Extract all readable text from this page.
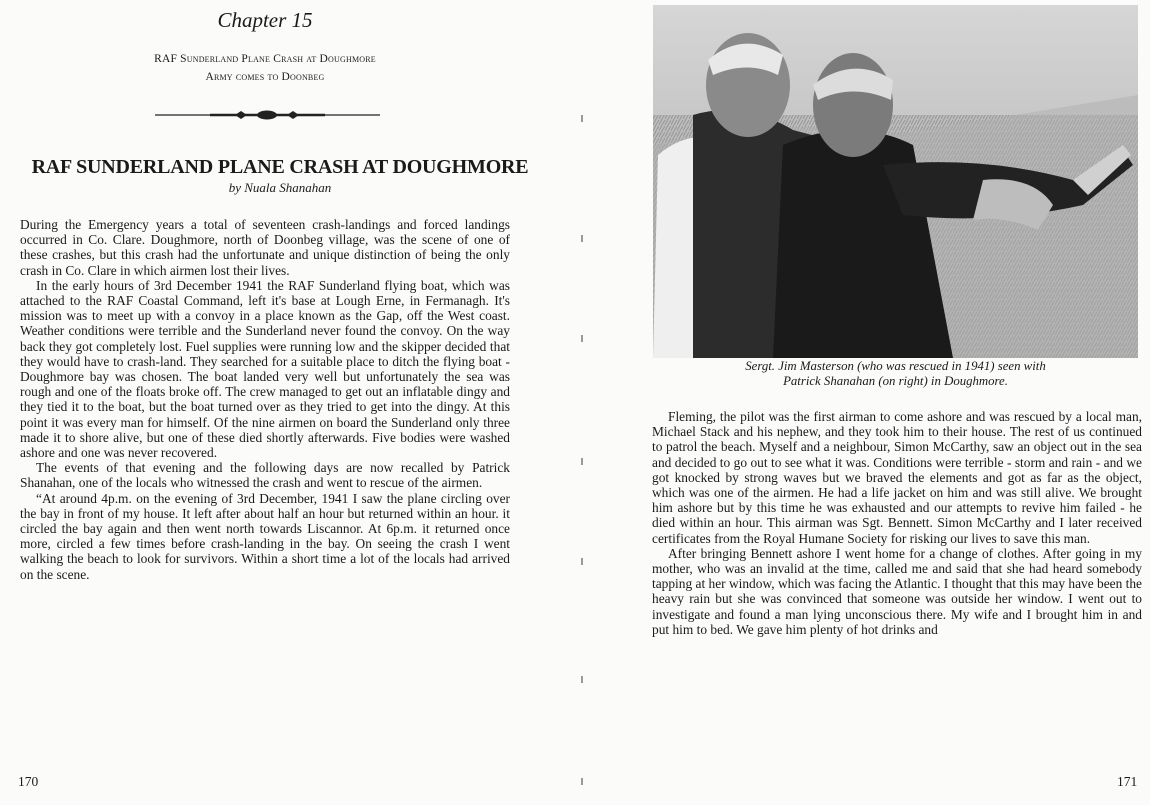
Chapter 15
RAF Sunderland Plane Crash at Doughmore
Army comes to Doonbeg
RAF SUNDERLAND PLANE CRASH AT DOUGHMORE
by Nuala Shanahan

During the Emergency years a total of seventeen crash-landings and forced landings occurred in Co. Clare. Doughmore, north of Doonbeg village, was the scene of one of these crashes, but this crash had the unfortunate and unique distinction of being the only crash in Co. Clare in which airmen lost their lives.

In the early hours of 3rd December 1941 the RAF Sunderland flying boat, which was attached to the RAF Coastal Command, left it's base at Lough Erne, in Fermanagh. It's mission was to meet up with a convoy in a place known as the Gap, off the West coast. Weather conditions were terrible and the Sunderland never found the convoy. On the way back they got completely lost. Fuel supplies were running low and the skipper decided that they would have to crash-land. They searched for a suitable place to ditch the flying boat - Doughmore bay was chosen. The boat landed very well but unfortunately the sea was rough and one of the floats broke off. The crew managed to get out an inflatable dingy and they tied it to the boat, but the boat turned over as they tried to get into the dingy. At this point it was every man for himself. Of the nine airmen on board the Sunderland only three made it to shore alive, but one of these died shortly afterwards. Five bodies were washed ashore and one was never recovered.

The events of that evening and the following days are now recalled by Patrick Shanahan, one of the locals who witnessed the crash and went to rescue of the airmen.

“At around 4p.m. on the evening of 3rd December, 1941 I saw the plane circling over the bay in front of my house. It left after about half an hour but returned within an hour. it circled the bay again and then went north towards Liscannor. At 6p.m. it returned once more, circled a few times before crash-landing in the bay. On seeing the crash I went walking the beach to look for survivors. Within a short time a lot of the locals had arrived on the scene.

170
Sergt. Jim Masterson (who was rescued in 1941) seen with
Patrick Shanahan (on right) in Doughmore.

Fleming, the pilot was the first airman to come ashore and was rescued by a local man, Michael Stack and his nephew, and they took him to their house. The rest of us continued to patrol the beach. Myself and a neighbour, Simon McCarthy, saw an object out in the sea and decided to go out to see what it was. Conditions were terrible - storm and rain - and we got knocked by strong waves but we braved the elements and got as far as the object, which was one of the airmen. He had a life jacket on him and was still alive. We brought him ashore but by this time he was exhausted and our attempts to revive him failed - he died within an hour. This airman was Sgt. Bennett. Simon McCarthy and I later received certificates from the Royal Humane Society for risking our lives to save this man.

After bringing Bennett ashore I went home for a change of clothes. After going in my mother, who was an invalid at the time, called me and said that she had heard somebody tapping at her window, which was facing the Atlantic. I thought that this may have been the heavy rain but she was convinced that someone was outside her window. I went out to investigate and found a man lying unconscious there. My wife and I brought him in and put him to bed. We gave him plenty of hot drinks and

171
